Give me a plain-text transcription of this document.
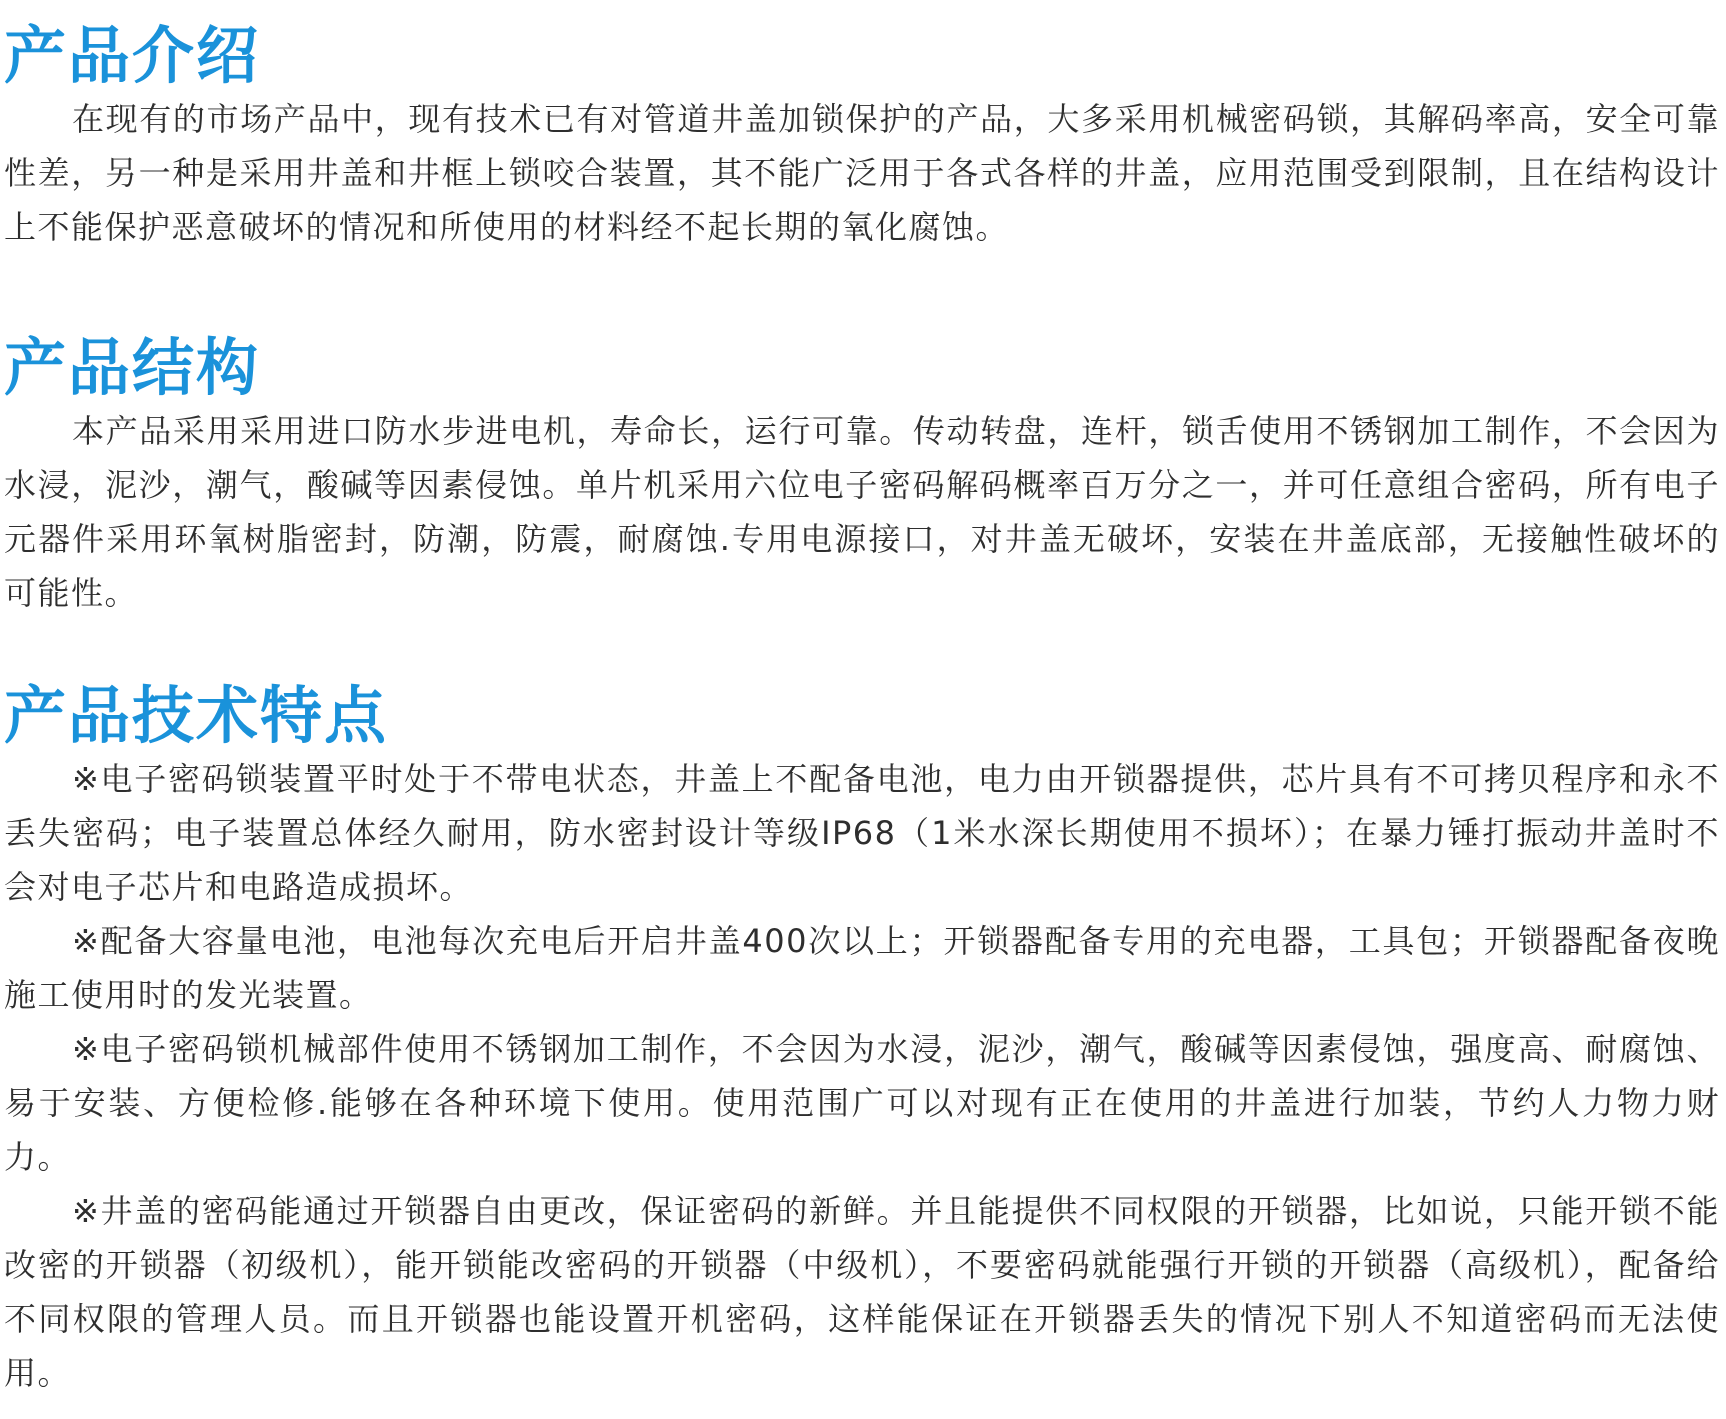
产品介绍

在现有的市场产品中，现有技术已有对管道井盖加锁保护的产品，大多采用机械密码锁，其解码率高，安全可靠性差，另一种是采用井盖和井框上锁咬合装置，其不能广泛用于各式各样的井盖，应用范围受到限制，且在结构设计上不能保护恶意破坏的情况和所使用的材料经不起长期的氧化腐蚀。

产品结构

本产品采用采用进口防水步进电机，寿命长，运行可靠。传动转盘，连杆，锁舌使用不锈钢加工制作，不会因为水浸，泥沙，潮气，酸碱等因素侵蚀。单片机采用六位电子密码解码概率百万分之一，并可任意组合密码，所有电子元器件采用环氧树脂密封，防潮，防震，耐腐蚀.专用电源接口，对井盖无破坏，安装在井盖底部，无接触性破坏的可能性。

产品技术特点

※电子密码锁装置平时处于不带电状态，井盖上不配备电池，电力由开锁器提供，芯片具有不可拷贝程序和永不丢失密码；电子装置总体经久耐用，防水密封设计等级IP68（1米水深长期使用不损坏）；在暴力锤打振动井盖时不会对电子芯片和电路造成损坏。

※配备大容量电池，电池每次充电后开启井盖400次以上；开锁器配备专用的充电器，工具包；开锁器配备夜晚施工使用时的发光装置。

※电子密码锁机械部件使用不锈钢加工制作，不会因为水浸，泥沙，潮气，酸碱等因素侵蚀，强度高、耐腐蚀、易于安装、方便检修.能够在各种环境下使用。使用范围广可以对现有正在使用的井盖进行加装，节约人力物力财力。

※井盖的密码能通过开锁器自由更改，保证密码的新鲜。并且能提供不同权限的开锁器，比如说，只能开锁不能改密的开锁器（初级机），能开锁能改密码的开锁器（中级机），不要密码就能强行开锁的开锁器（高级机），配备给不同权限的管理人员。而且开锁器也能设置开机密码，这样能保证在开锁器丢失的情况下别人不知道密码而无法使用。
